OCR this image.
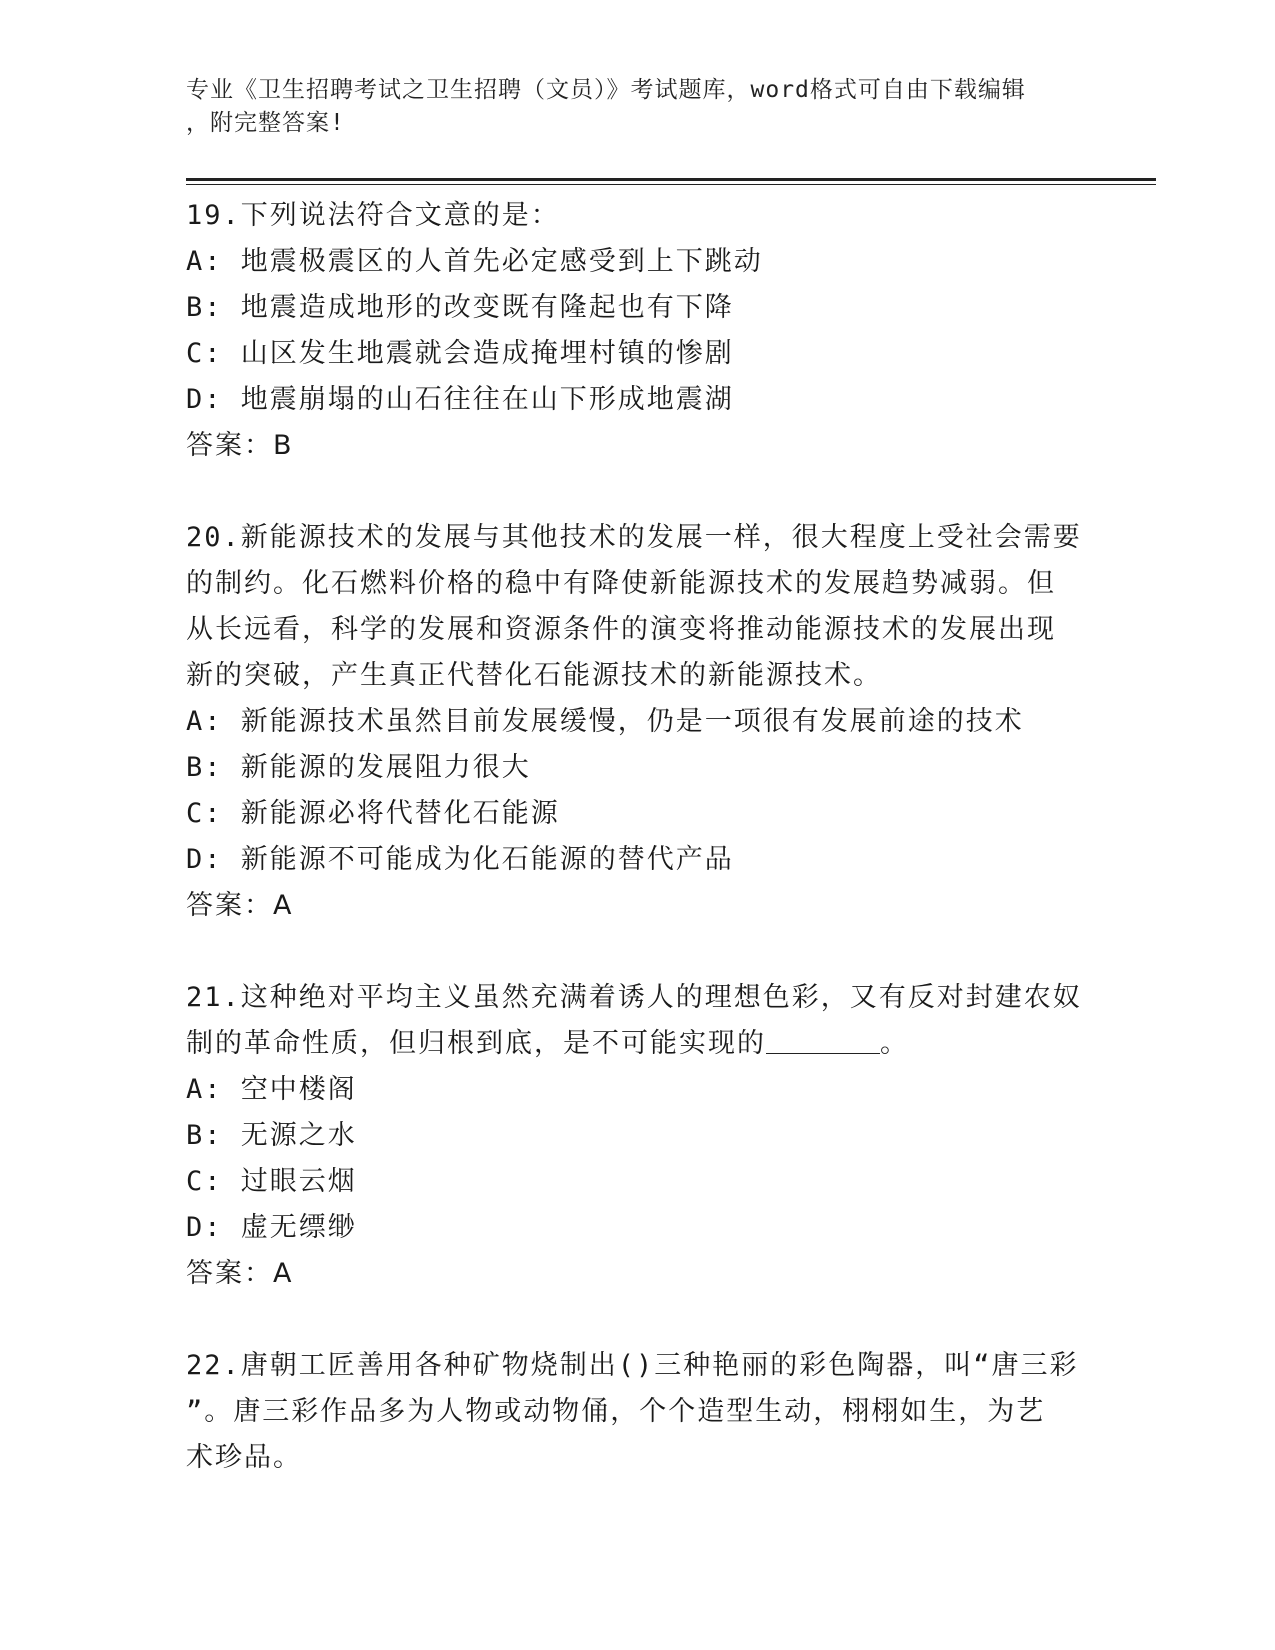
专业《卫生招聘考试之卫生招聘（文员）》考试题库，word格式可自由下载编辑
，附完整答案!

19.下列说法符合文意的是：

A: 地震极震区的人首先必定感受到上下跳动

B: 地震造成地形的改变既有隆起也有下降

C: 山区发生地震就会造成掩埋村镇的惨剧

D: 地震崩塌的山石往往在山下形成地震湖

答案：B

20.新能源技术的发展与其他技术的发展一样，很大程度上受社会需要

的制约。化石燃料价格的稳中有降使新能源技术的发展趋势减弱。但

从长远看，科学的发展和资源条件的演变将推动能源技术的发展出现

新的突破，产生真正代替化石能源技术的新能源技术。

A: 新能源技术虽然目前发展缓慢，仍是一项很有发展前途的技术

B: 新能源的发展阻力很大

C: 新能源必将代替化石能源

D: 新能源不可能成为化石能源的替代产品

答案：A

21.这种绝对平均主义虽然充满着诱人的理想色彩，又有反对封建农奴

制的革命性质，但归根到底，是不可能实现的	。

A: 空中楼阁

B: 无源之水

C: 过眼云烟

D: 虚无缥缈

答案：A

22.唐朝工匠善用各种矿物烧制出()三种艳丽的彩色陶器，叫“唐三彩

”。唐三彩作品多为人物或动物俑，个个造型生动，栩栩如生，为艺

术珍品。
